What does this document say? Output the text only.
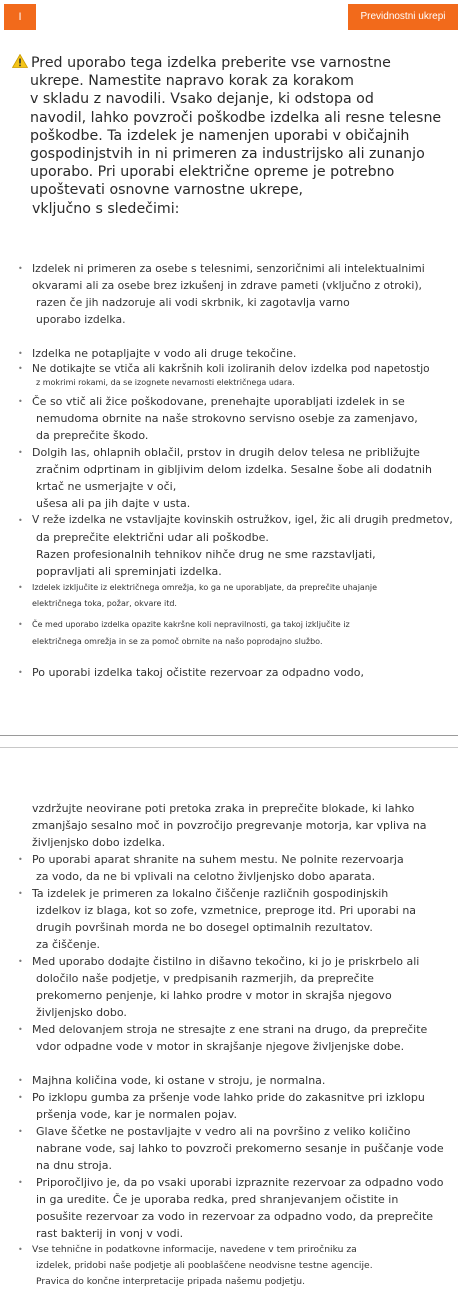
I	Previdnostni ukrepi
Pred uporabo tega izdelka preberite vse varnostne
ukrepe. Namestite napravo korak za korakom
v skladu z navodili. Vsako dejanje, ki odstopa od
navodil, lahko povzroči poškodbe izdelka ali resne telesne
poškodbe. Ta izdelek je namenjen uporabi v običajnih
gospodinjstvih in ni primeren za industrijsko ali zunanjo
uporabo. Pri uporabi električne opreme je potrebno
upoštevati osnovne varnostne ukrepe,
vključno s sledečimi:
• Izdelek ni primeren za osebe s telesnimi, senzoričnimi ali intelektualnimi
okvarami ali za osebe brez izkušenj in zdrave pameti (vključno z otroki),
razen če jih nadzoruje ali vodi skrbnik, ki zagotavlja varno
uporabo izdelka.
• Izdelka ne potapljajte v vodo ali druge tekočine.
• Ne dotikajte se vtiča ali kakršnih koli izoliranih delov izdelka pod napetostjo
z mokrimi rokami, da se izognete nevarnosti električnega udara.
• Če so vtič ali žice poškodovane, prenehajte uporabljati izdelek in se
nemudoma obrnite na naše strokovno servisno osebje za zamenjavo,
da preprečite škodo.
• Dolgih las, ohlapnih oblačil, prstov in drugih delov telesa ne približujte
zračnim odprtinam in gibljivim delom izdelka. Sesalne šobe ali dodatnih
krtač ne usmerjajte v oči,
ušesa ali pa jih dajte v usta.
• V reže izdelka ne vstavljajte kovinskih ostružkov, igel, žic ali drugih predmetov,
da preprečite električni udar ali poškodbe.
Razen profesionalnih tehnikov nihče drug ne sme razstavljati,
popravljati ali spreminjati izdelka.
• Izdelek izključite iz električnega omrežja, ko ga ne uporabljate, da preprečite uhajanje
električnega toka, požar, okvare itd.
• Če med uporabo izdelka opazite kakršne koli nepravilnosti, ga takoj izključite iz
električnega omrežja in se za pomoč obrnite na našo poprodajno službo.
• Po uporabi izdelka takoj očistite rezervoar za odpadno vodo,
vzdržujte neovirane poti pretoka zraka in preprečite blokade, ki lahko
zmanjšajo sesalno moč in povzročijo pregrevanje motorja, kar vpliva na
življenjsko dobo izdelka.
• Po uporabi aparat shranite na suhem mestu. Ne polnite rezervoarja
za vodo, da ne bi vplivali na celotno življenjsko dobo aparata.
• Ta izdelek je primeren za lokalno čiščenje različnih gospodinjskih
izdelkov iz blaga, kot so zofe, vzmetnice, preproge itd. Pri uporabi na
drugih površinah morda ne bo dosegel optimalnih rezultatov.
za čiščenje.
• Med uporabo dodajte čistilno in dišavno tekočino, ki jo je priskrbelo ali
določilo naše podjetje, v predpisanih razmerjih, da preprečite
prekomerno penjenje, ki lahko prodre v motor in skrajša njegovo
življenjsko dobo.
• Med delovanjem stroja ne stresajte z ene strani na drugo, da preprečite
vdor odpadne vode v motor in skrajšanje njegove življenjske dobe.
• Majhna količina vode, ki ostane v stroju, je normalna.
• Po izklopu gumba za pršenje vode lahko pride do zakasnitve pri izklopu
pršenja vode, kar je normalen pojav.
•	Glave ščetke ne postavljajte v vedro ali na površino z veliko količino
nabrane vode, saj lahko to povzroči prekomerno sesanje in puščanje vode
na dnu stroja.
•	Priporočljivo je, da po vsaki uporabi izpraznite rezervoar za odpadno vodo
in ga uredite. Če je uporaba redka, pred shranjevanjem očistite in
posušite rezervoar za vodo in rezervoar za odpadno vodo, da preprečite
rast bakterij in vonj v vodi.
• Vse tehnične in podatkovne informacije, navedene v tem priročniku za
izdelek, pridobi naše podjetje ali pooblaščene neodvisne testne agencije.
Pravica do končne interpretacije pripada našemu podjetju.
